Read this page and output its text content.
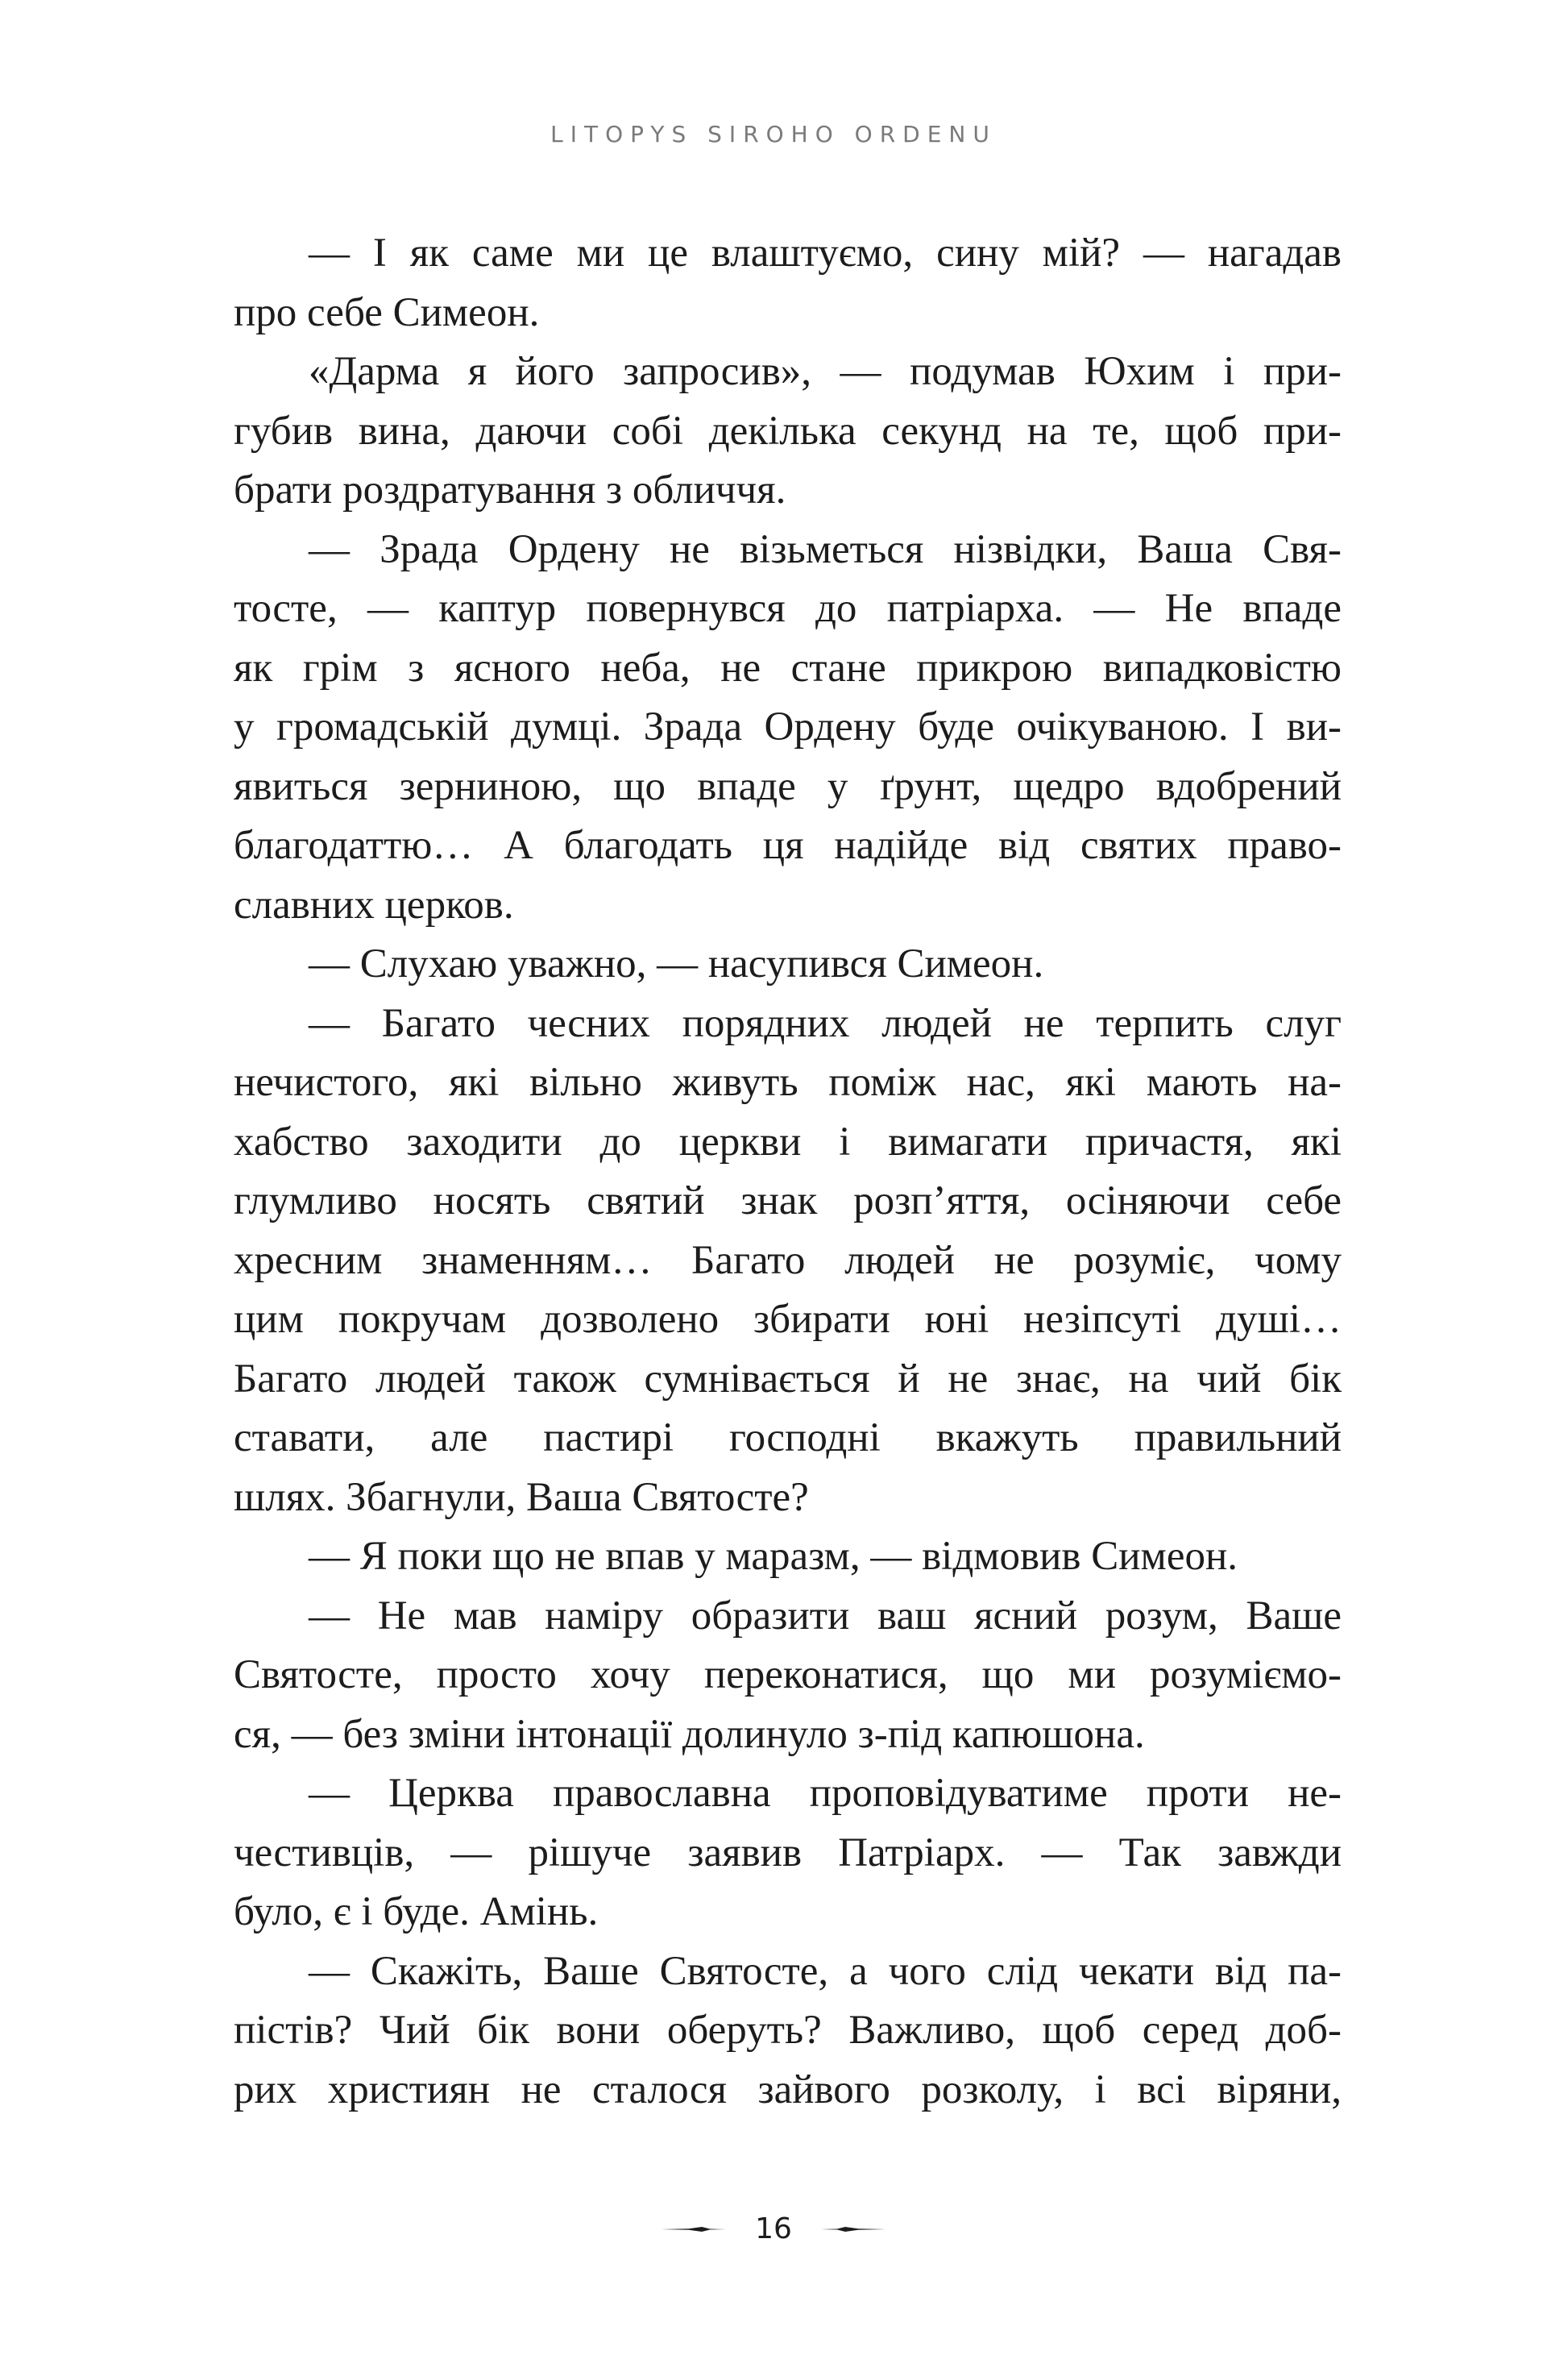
LITOPYS SIROHO ORDENU
— І як саме ми це влаштуємо, сину мій? — нагадав
про себе Симеон.
«Дарма я його запросив», — подумав Юхим і при-
губив вина, даючи собі декілька секунд на те, щоб при-
брати роздратування з обличчя.
— Зрада Ордену не візьметься нізвідки, Ваша Свя-
тосте, — каптур повернувся до патріарха. — Не впаде
як грім з ясного неба, не стане прикрою випадковістю
у громадській думці. Зрада Ордену буде очікуваною. І ви-
явиться зерниною, що впаде у ґрунт, щедро вдобрений
благодаттю… А благодать ця надійде від святих право-
славних церков.
— Слухаю уважно, — насупився Симеон.
— Багато чесних порядних людей не терпить слуг
нечистого, які вільно живуть поміж нас, які мають на-
хабство заходити до церкви і вимагати причастя, які
глумливо носять святий знак розп’яття, осіняючи себе
хресним знаменням… Багато людей не розуміє, чому
цим покручам дозволено збирати юні незіпсуті душі…
Багато людей також сумнівається й не знає, на чий бік
ставати, але пастирі господні вкажуть правильний
шлях. Збагнули, Ваша Святосте?
— Я поки що не впав у маразм, — відмовив Симеон.
— Не мав наміру образити ваш ясний розум, Ваше
Святосте, просто хочу переконатися, що ми розуміємо-
ся, — без зміни інтонації долинуло з-під капюшона.
— Церква православна проповідуватиме проти не-
честивців, — рішуче заявив Патріарх. — Так завжди
було, є і буде. Амінь.
— Скажіть, Ваше Святосте, а чого слід чекати від па-
пістів? Чий бік вони оберуть? Важливо, щоб серед доб-
рих християн не сталося зайвого розколу, і всі віряни,
16
